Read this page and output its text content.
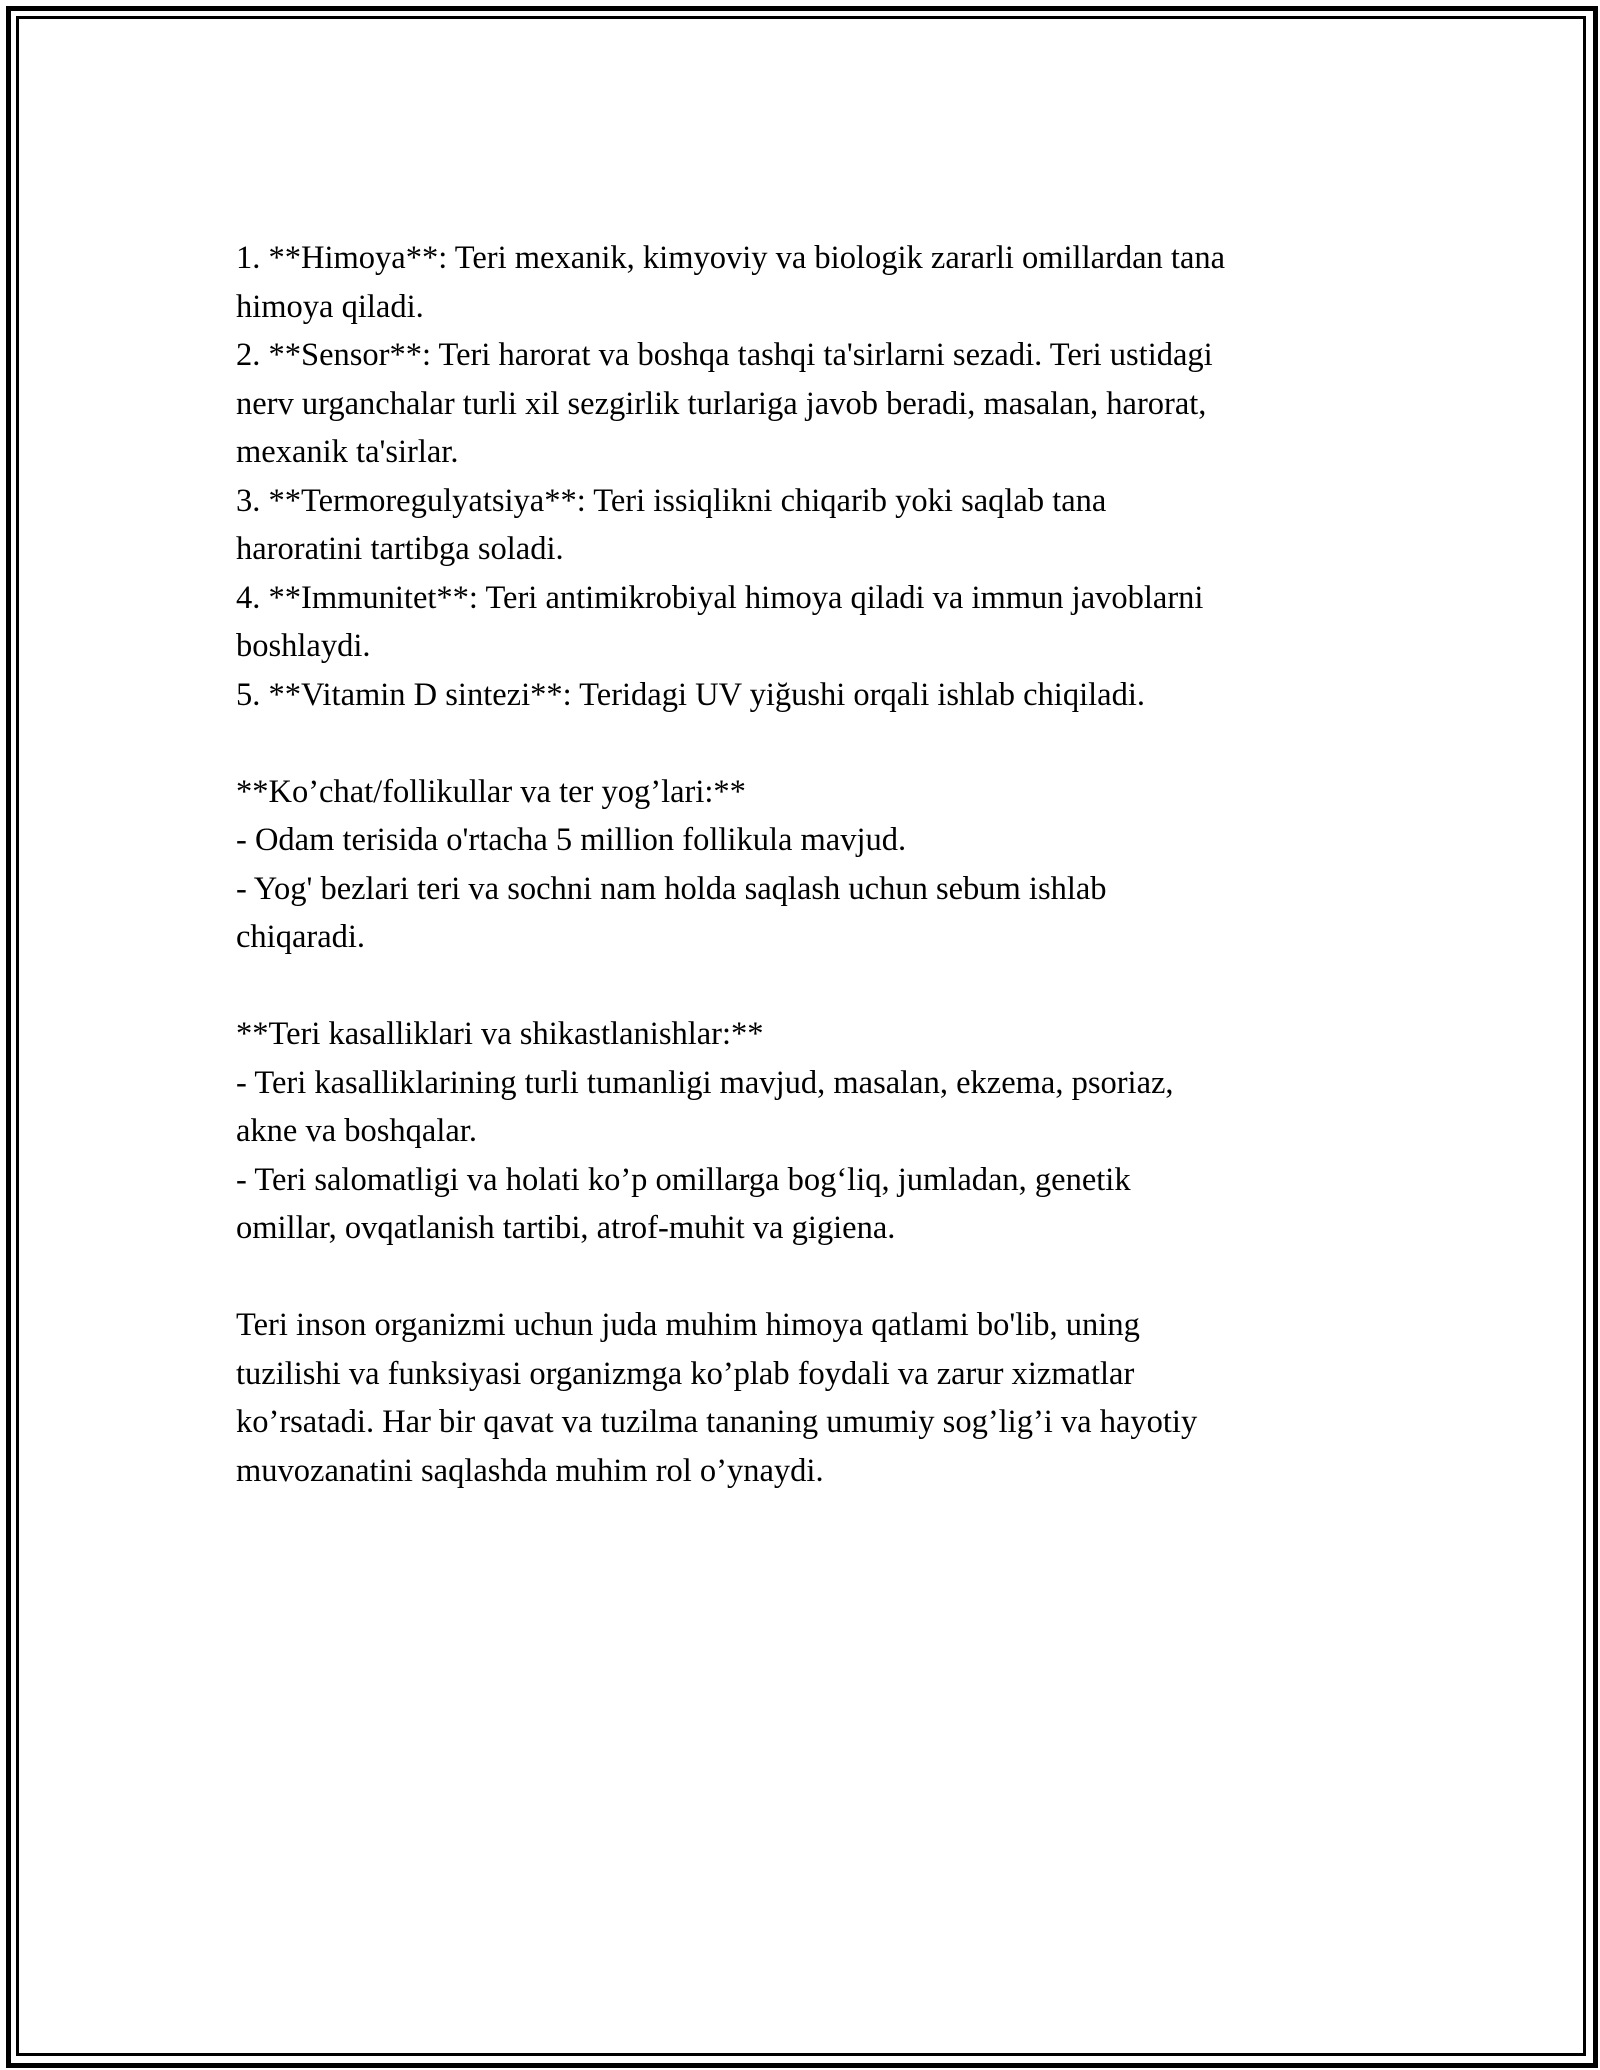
1. **Himoya**: Teri mexanik, kimyoviy va biologik zararli omillardan tana
himoya qiladi.
2. **Sensor**: Teri harorat va boshqa tashqi ta'sirlarni sezadi. Teri ustidagi
nerv urganchalar turli xil sezgirlik turlariga javob beradi, masalan, harorat,
mexanik ta'sirlar.
3. **Termoregulyatsiya**: Teri issiqlikni chiqarib yoki saqlab tana
haroratini tartibga soladi.
4. **Immunitet**: Teri antimikrobiyal himoya qiladi va immun javoblarni
boshlaydi.
5. **Vitamin D sintezi**: Teridagi UV yiğushi orqali ishlab chiqiladi.
**Ko’chat/follikullar va ter yog’lari:**
- Odam terisida o'rtacha 5 million follikula mavjud.
- Yog' bezlari teri va sochni nam holda saqlash uchun sebum ishlab
chiqaradi.
**Teri kasalliklari va shikastlanishlar:**
- Teri kasalliklarining turli tumanligi mavjud, masalan, ekzema, psoriaz,
akne va boshqalar.
- Teri salomatligi va holati ko’p omillarga bog‘liq, jumladan, genetik
omillar, ovqatlanish tartibi, atrof-muhit va gigiena.
Teri inson organizmi uchun juda muhim himoya qatlami bo'lib, uning
tuzilishi va funksiyasi organizmga ko’plab foydali va zarur xizmatlar
ko’rsatadi. Har bir qavat va tuzilma tananing umumiy sog’lig’i va hayotiy
muvozanatini saqlashda muhim rol o’ynaydi.
